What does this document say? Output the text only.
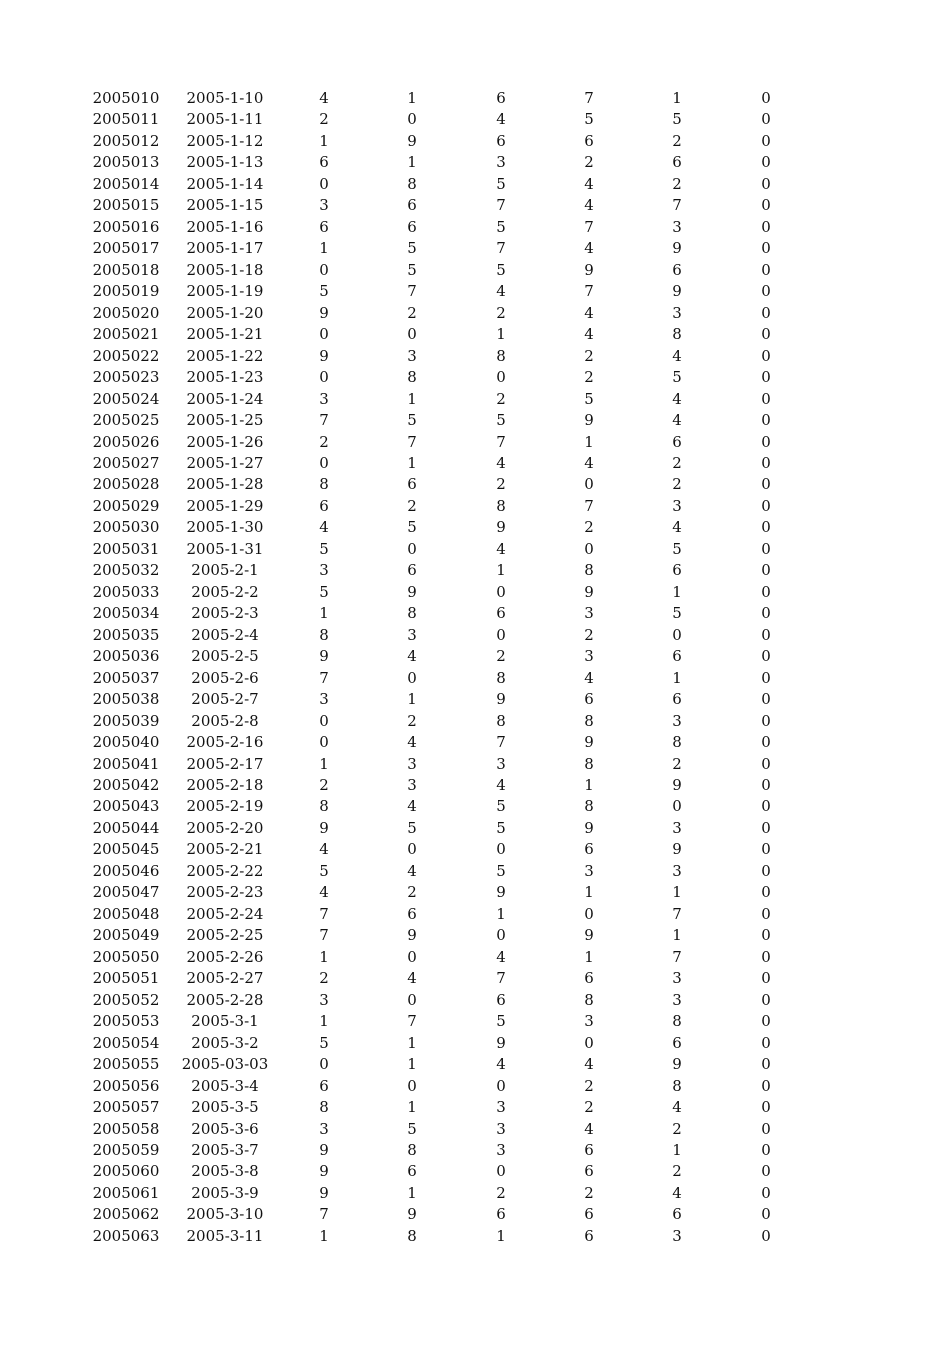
2005010	2005-1-10	4	1	6	7	1	0
2005011	2005-1-11	2	0	4	5	5	0
2005012	2005-1-12	1	9	6	6	2	0
2005013	2005-1-13	6	1	3	2	6	0
2005014	2005-1-14	0	8	5	4	2	0
2005015	2005-1-15	3	6	7	4	7	0
2005016	2005-1-16	6	6	5	7	3	0
2005017	2005-1-17	1	5	7	4	9	0
2005018	2005-1-18	0	5	5	9	6	0
2005019	2005-1-19	5	7	4	7	9	0
2005020	2005-1-20	9	2	2	4	3	0
2005021	2005-1-21	0	0	1	4	8	0
2005022	2005-1-22	9	3	8	2	4	0
2005023	2005-1-23	0	8	0	2	5	0
2005024	2005-1-24	3	1	2	5	4	0
2005025	2005-1-25	7	5	5	9	4	0
2005026	2005-1-26	2	7	7	1	6	0
2005027	2005-1-27	0	1	4	4	2	0
2005028	2005-1-28	8	6	2	0	2	0
2005029	2005-1-29	6	2	8	7	3	0
2005030	2005-1-30	4	5	9	2	4	0
2005031	2005-1-31	5	0	4	0	5	0
2005032	2005-2-1	3	6	1	8	6	0
2005033	2005-2-2	5	9	0	9	1	0
2005034	2005-2-3	1	8	6	3	5	0
2005035	2005-2-4	8	3	0	2	0	0
2005036	2005-2-5	9	4	2	3	6	0
2005037	2005-2-6	7	0	8	4	1	0
2005038	2005-2-7	3	1	9	6	6	0
2005039	2005-2-8	0	2	8	8	3	0
2005040	2005-2-16	0	4	7	9	8	0
2005041	2005-2-17	1	3	3	8	2	0
2005042	2005-2-18	2	3	4	1	9	0
2005043	2005-2-19	8	4	5	8	0	0
2005044	2005-2-20	9	5	5	9	3	0
2005045	2005-2-21	4	0	0	6	9	0
2005046	2005-2-22	5	4	5	3	3	0
2005047	2005-2-23	4	2	9	1	1	0
2005048	2005-2-24	7	6	1	0	7	0
2005049	2005-2-25	7	9	0	9	1	0
2005050	2005-2-26	1	0	4	1	7	0
2005051	2005-2-27	2	4	7	6	3	0
2005052	2005-2-28	3	0	6	8	3	0
2005053	2005-3-1	1	7	5	3	8	0
2005054	2005-3-2	5	1	9	0	6	0
2005055	2005-03-03	0	1	4	4	9	0
2005056	2005-3-4	6	0	0	2	8	0
2005057	2005-3-5	8	1	3	2	4	0
2005058	2005-3-6	3	5	3	4	2	0
2005059	2005-3-7	9	8	3	6	1	0
2005060	2005-3-8	9	6	0	6	2	0
2005061	2005-3-9	9	1	2	2	4	0
2005062	2005-3-10	7	9	6	6	6	0
2005063	2005-3-11	1	8	1	6	3	0
